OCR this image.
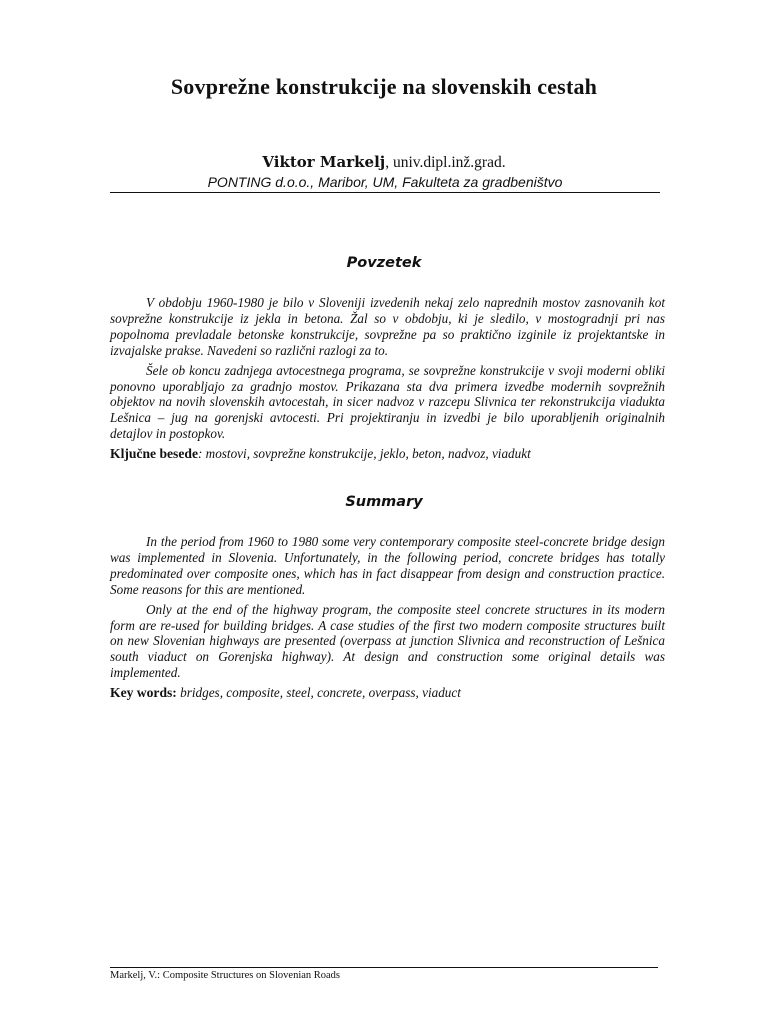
Sovprežne konstrukcije na slovenskih cestah
Viktor Markelj, univ.dipl.inž.grad.
PONTING d.o.o., Maribor, UM, Fakulteta za gradbeništvo
Povzetek

V obdobju 1960-1980 je bilo v Sloveniji izvedenih nekaj zelo naprednih mostov zasnovanih kot sovprežne konstrukcije iz jekla in betona. Žal so v obdobju, ki je sledilo, v mostogradnji pri nas popolnoma prevladale betonske konstrukcije, sovprežne pa so praktično izginile iz projektantske in izvajalske prakse. Navedeni so različni razlogi za to.

Šele ob koncu zadnjega avtocestnega programa, se sovprežne konstrukcije v svoji moderni obliki ponovno uporabljajo za gradnjo mostov. Prikazana sta dva primera izvedbe modernih sovprežnih objektov na novih slovenskih avtocestah, in sicer nadvoz v razcepu Slivnica ter rekonstrukcija viadukta Lešnica – jug na gorenjski avtocesti. Pri projektiranju in izvedbi je bilo uporabljenih originalnih detajlov in postopkov.

Ključne besede: mostovi, sovprežne konstrukcije, jeklo, beton, nadvoz, viadukt

Summary

In the period from 1960 to 1980 some very contemporary composite steel-concrete bridge design was implemented in Slovenia. Unfortunately, in the following period, concrete bridges has totally predominated over composite ones, which has in fact disappear from design and construction practice. Some reasons for this are mentioned.

Only at the end of the highway program, the composite steel concrete structures in its modern form are re-used for building bridges. A case studies of the first two modern composite structures built on new Slovenian highways are presented (overpass at junction Slivnica and reconstruction of Lešnica south viaduct on Gorenjska highway). At design and construction some original details was implemented.

Key words: bridges, composite, steel, concrete, overpass, viaduct

Markelj, V.: Composite Structures on Slovenian Roads
